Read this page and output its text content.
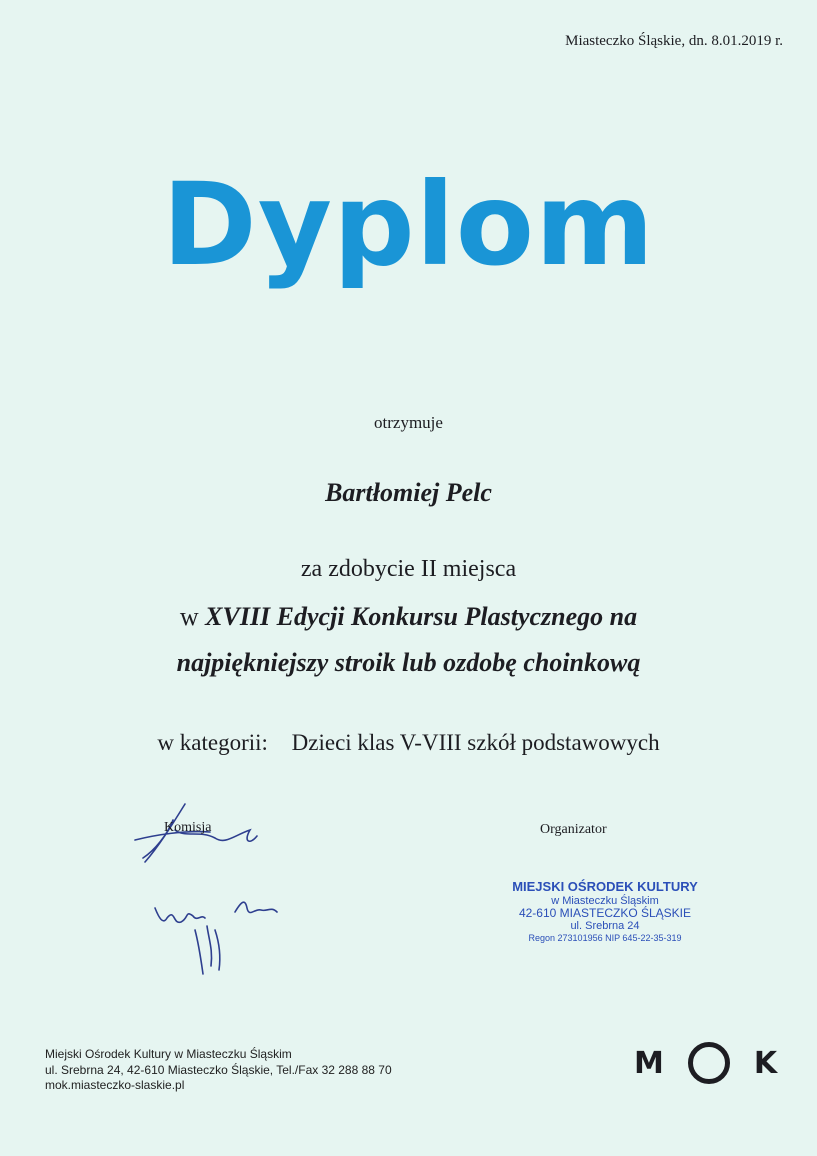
Miasteczko Śląskie, dn. 8.01.2019 r.
Dyplom
otrzymuje
Bartłomiej Pelc
za zdobycie II miejsca
w XVIII Edycji Konkursu Plastycznego na
najpiękniejszy stroik lub ozdobę choinkową
w kategorii: Dzieci klas V-VIII szkół podstawowych
Komisja	Organizator
MIEJSKI OŚRODEK KULTURY
w Miasteczku Śląskim
42-610 MIASTECZKO ŚLĄSKIE
ul. Srebrna 24
Regon 273101956 NIP 645-22-35-319
Miejski Ośrodek Kultury w Miasteczku Śląskim
ul. Srebrna 24, 42-610 Miasteczko Śląskie, Tel./Fax 32 288 88 70
mok.miasteczko-slaskie.pl
M	K
